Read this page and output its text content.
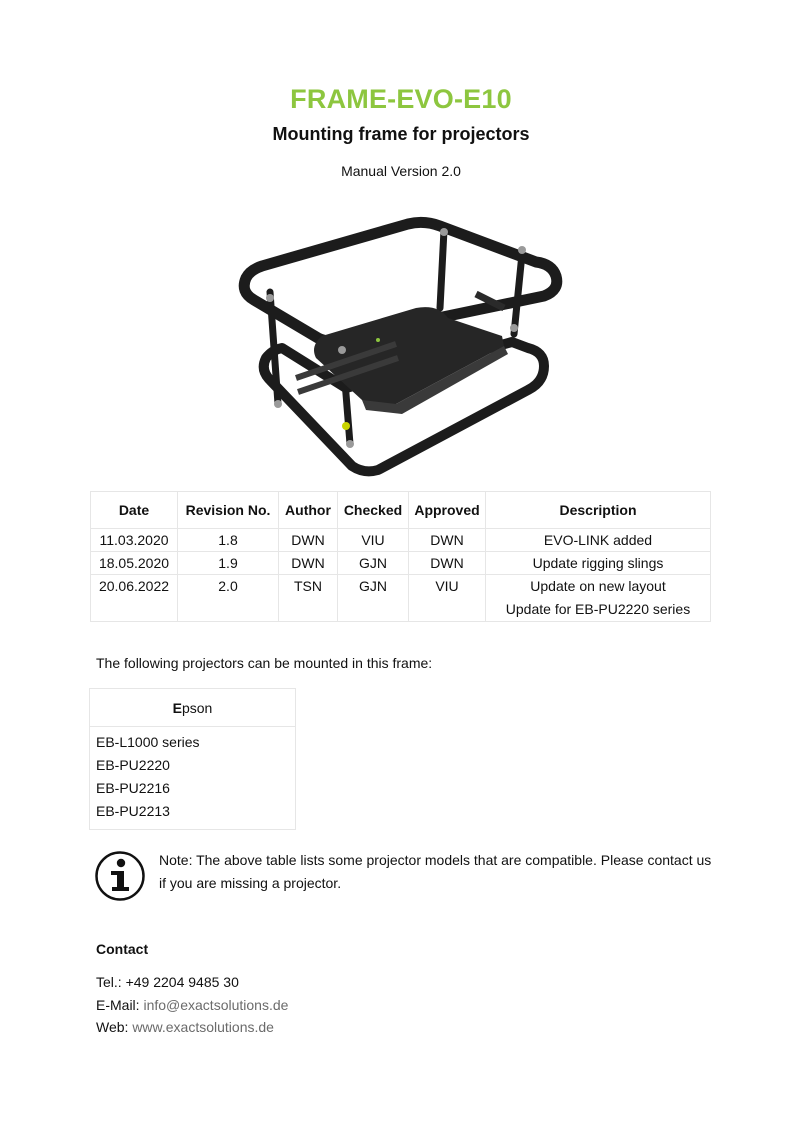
FRAME-EVO-E10
Mounting frame for projectors
Manual Version 2.0
Date	Revision No.	Author	Checked	Approved	Description
11.03.2020	1.8	DWN	VIU	DWN	EVO-LINK added
18.05.2020	1.9	DWN	GJN	DWN	Update rigging slings
20.06.2022	2.0	TSN	GJN	VIU	Update on new layout
Update for EB-PU2220 series
The following projectors can be mounted in this frame:
Epson

EB-L1000 series
EB-PU2220
EB-PU2216
EB-PU2213
Note: The above table lists some projector models that are compatible. Please contact us if you are missing a projector.
Contact
Tel.: +49 2204 9485 30
E-Mail: info@exactsolutions.de
Web: www.exactsolutions.de
